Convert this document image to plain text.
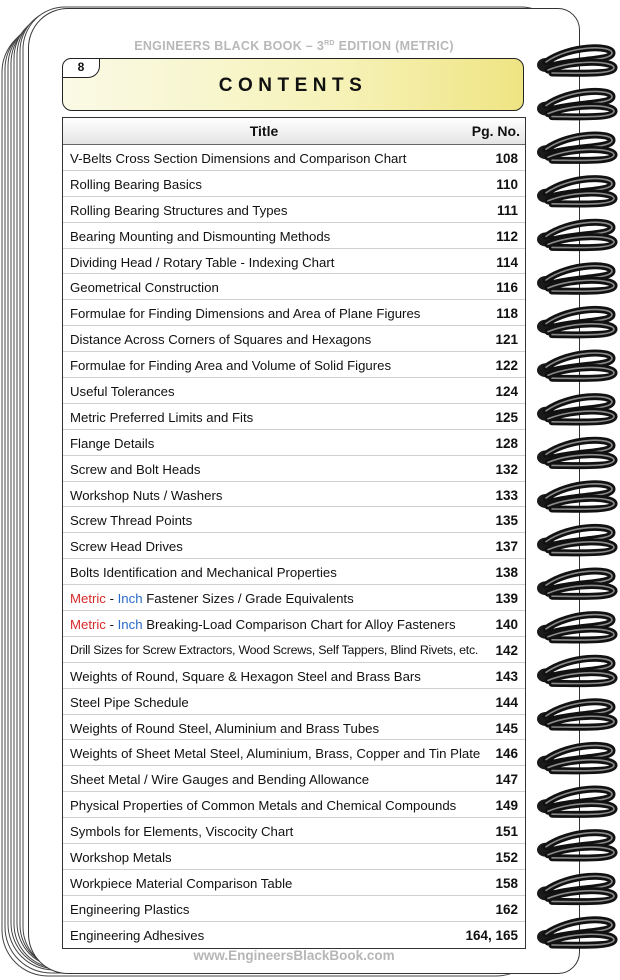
ENGINEERS BLACK BOOK – 3RD EDITION (METRIC)
8
CONTENTS
Title	Pg. No.
V-Belts Cross Section Dimensions and Comparison Chart	108
Rolling Bearing Basics	110
Rolling Bearing Structures and Types	111
Bearing Mounting and Dismounting Methods	112
Dividing Head / Rotary Table - Indexing Chart	114
Geometrical Construction	116
Formulae for Finding Dimensions and Area of Plane Figures	118
Distance Across Corners of Squares and Hexagons	121
Formulae for Finding Area and Volume of Solid Figures	122
Useful Tolerances	124
Metric Preferred Limits and Fits	125
Flange Details	128
Screw and Bolt Heads	132
Workshop Nuts / Washers	133
Screw Thread Points	135
Screw Head Drives	137
Bolts Identification and Mechanical Properties	138
Metric - Inch Fastener Sizes / Grade Equivalents	139
Metric - Inch Breaking-Load Comparison Chart for Alloy Fasteners	140
Drill Sizes for Screw Extractors, Wood Screws, Self Tappers, Blind Rivets, etc. 142
Weights of Round, Square & Hexagon Steel and Brass Bars	143
Steel Pipe Schedule	144
Weights of Round Steel, Aluminium and Brass Tubes	145
Weights of Sheet Metal Steel, Aluminium, Brass, Copper and Tin Plate 146
Sheet Metal / Wire Gauges and Bending Allowance	147
Physical Properties of Common Metals and Chemical Compounds	149
Symbols for Elements, Viscocity Chart	151
Workshop Metals	152
Workpiece Material Comparison Table	158
Engineering Plastics	162
Engineering Adhesives	164, 165
www.EngineersBlackBook.com
